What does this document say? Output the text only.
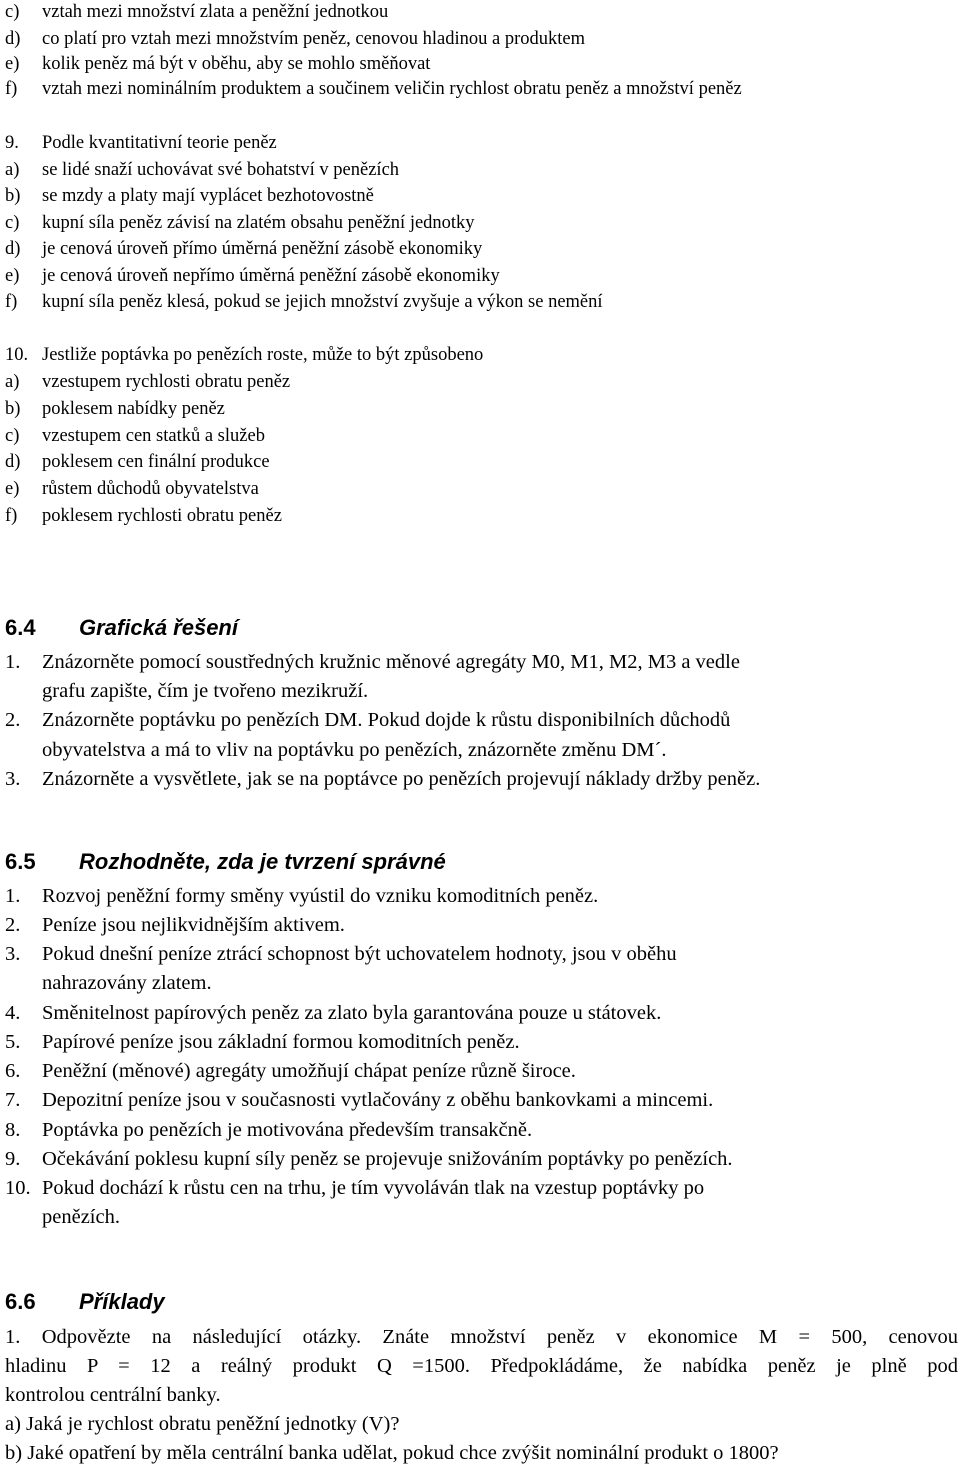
c) vztah mezi množství zlata a peněžní jednotkou
d) co platí pro vztah mezi množstvím peněz, cenovou hladinou a produktem
e) kolik peněz má být v oběhu, aby se mohlo směňovat
f) vztah mezi nominálním produktem a součinem veličin rychlost obratu peněz a množství peněz
9. Podle kvantitativní teorie peněz
a) se lidé snaží uchovávat své bohatství v penězích
b) se mzdy a platy mají vyplácet bezhotovostně
c) kupní síla peněz závisí na zlatém obsahu peněžní jednotky
d) je cenová úroveň přímo úměrná peněžní zásobě ekonomiky
e) je cenová úroveň nepřímo úměrná peněžní zásobě ekonomiky
f) kupní síla peněz klesá, pokud se jejich množství zvyšuje a výkon se nemění
10. Jestliže poptávka po penězích roste, může to být způsobeno
a) vzestupem rychlosti obratu peněz
b) poklesem nabídky peněz
c) vzestupem cen statků a služeb
d) poklesem cen finální produkce
e) růstem důchodů obyvatelstva
f) poklesem rychlosti obratu peněz
6.4 Grafická řešení
1. Znázorněte pomocí soustředných kružnic měnové agregáty M0, M1, M2, M3 a vedle
grafu zapište, čím je tvořeno mezikruží.
2. Znázorněte poptávku po penězích DM. Pokud dojde k růstu disponibilních důchodů
obyvatelstva a má to vliv na poptávku po penězích, znázorněte změnu DM´.
3. Znázorněte a vysvětlete, jak se na poptávce po penězích projevují náklady držby peněz.
6.5 Rozhodněte, zda je tvrzení správné
1. Rozvoj peněžní formy směny vyústil do vzniku komoditních peněz.
2. Peníze jsou nejlikvidnějším aktivem.
3. Pokud dnešní peníze ztrácí schopnost být uchovatelem hodnoty, jsou v oběhu
nahrazovány zlatem.
4. Směnitelnost papírových peněz za zlato byla garantována pouze u státovek.
5. Papírové peníze jsou základní formou komoditních peněz.
6. Peněžní (měnové) agregáty umožňují chápat peníze různě široce.
7. Depozitní peníze jsou v současnosti vytlačovány z oběhu bankovkami a mincemi.
8. Poptávka po penězích je motivována především transakčně.
9. Očekávání poklesu kupní síly peněz se projevuje snižováním poptávky po penězích.
10. Pokud dochází k růstu cen na trhu, je tím vyvoláván tlak na vzestup poptávky po
penězích.
6.6 Příklady
1. Odpovězte na následující otázky. Znáte množství peněz v ekonomice M = 500, cenovou
hladinu P = 12 a reálný produkt Q =1500. Předpokládáme, že nabídka peněz je plně pod
kontrolou centrální banky.
a) Jaká je rychlost obratu peněžní jednotky (V)?
b) Jaké opatření by měla centrální banka udělat, pokud chce zvýšit nominální produkt o 1800?
